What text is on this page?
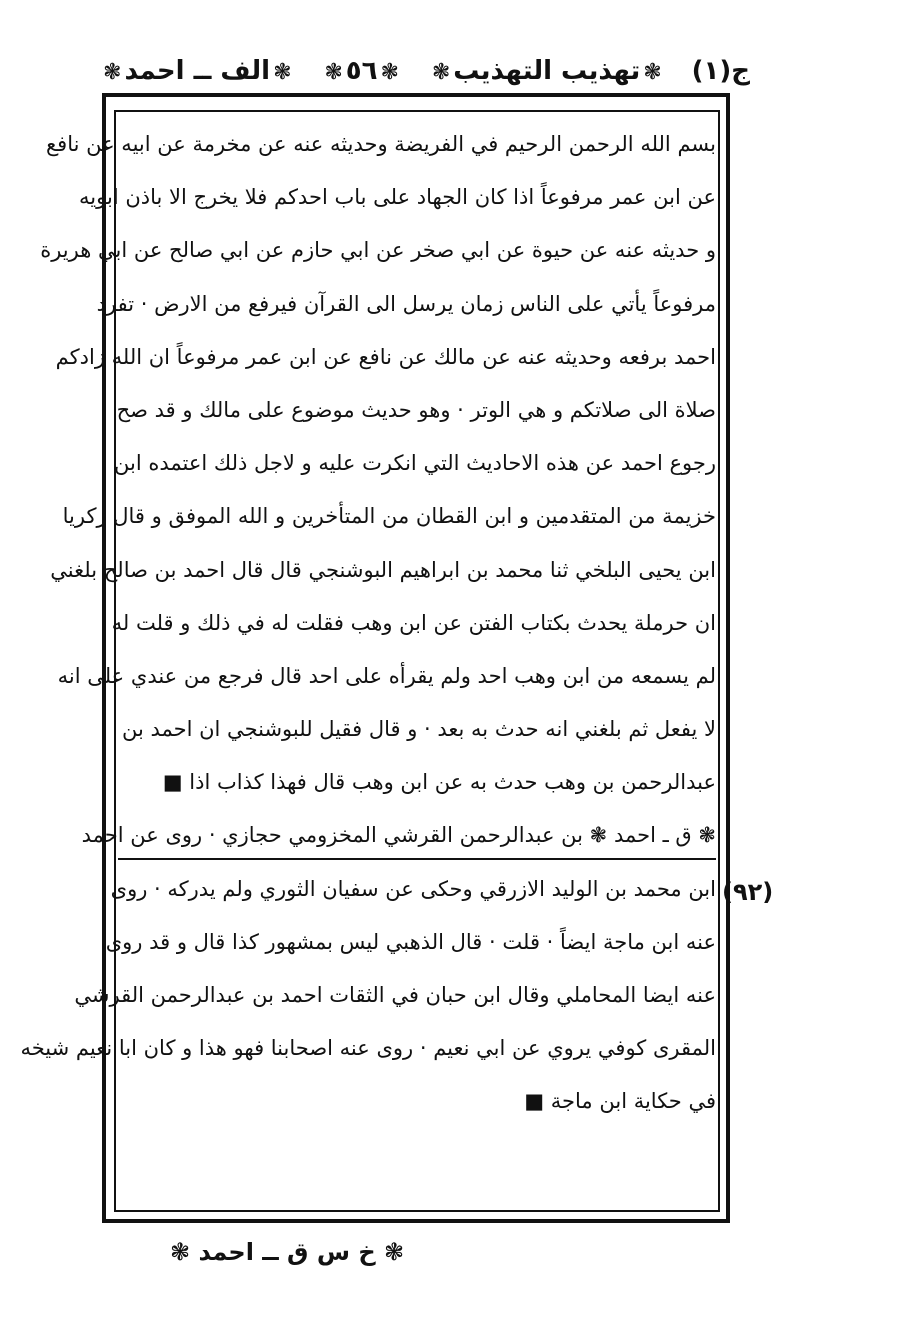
❃الف ــ احمد❃	❃٥٦❃	❃تهذيب التهذيب❃	ج(١)
بسم الله الرحمن الرحيم في الفريضة وحديثه عنه عن مخرمة عن ابيه عن نافع
عن ابن عمر مرفوعاً اذا كان الجهاد على باب احدكم فلا يخرج الا باذن ابويه
و حديثه عنه عن حيوة عن ابي صخر عن ابي حازم عن ابي صالح عن ابي هريرة
مرفوعاً يأتي على الناس زمان يرسل الى القرآن فيرفع من الارض · تفرد
احمد برفعه وحديثه عنه عن مالك عن نافع عن ابن عمر مرفوعاً ان الله زادكم
صلاة الى صلاتكم و هي الوتر · وهو حديث موضوع على مالك و قد صح
رجوع احمد عن هذه الاحاديث التي انكرت عليه و لاجل ذلك اعتمده ابن
خزيمة من المتقدمين و ابن القطان من المتأخرين و الله الموفق و قال زكريا
ابن يحيى البلخي ثنا محمد بن ابراهيم البوشنجي قال قال احمد بن صالح بلغني
ان حرملة يحدث بكتاب الفتن عن ابن وهب فقلت له في ذلك و قلت له
لم يسمعه من ابن وهب احد ولم يقرأه على احد قال فرجع من عندي على انه
لا يفعل ثم بلغني انه حدث به بعد · و قال فقيل للبوشنجي ان احمد بن
عبدالرحمن بن وهب حدث به عن ابن وهب قال فهذا كذاب اذا ■
❃ ق ـ احمد ❃ بن عبدالرحمن القرشي المخزومي حجازي · روى عن احمد
ابن محمد بن الوليد الازرقي وحكى عن سفيان الثوري ولم يدركه · روى
عنه ابن ماجة ايضاً · قلت · قال الذهبي ليس بمشهور كذا قال و قد روى
عنه ايضا المحاملي وقال ابن حبان في الثقات احمد بن عبدالرحمن القرشي
المقرى كوفي يروي عن ابي نعيم · روى عنه اصحابنا فهو هذا و كان ابا نعيم شيخه
في حكاية ابن ماجة ■
(٩٢)
❃ خ س ق ــ احمد ❃
